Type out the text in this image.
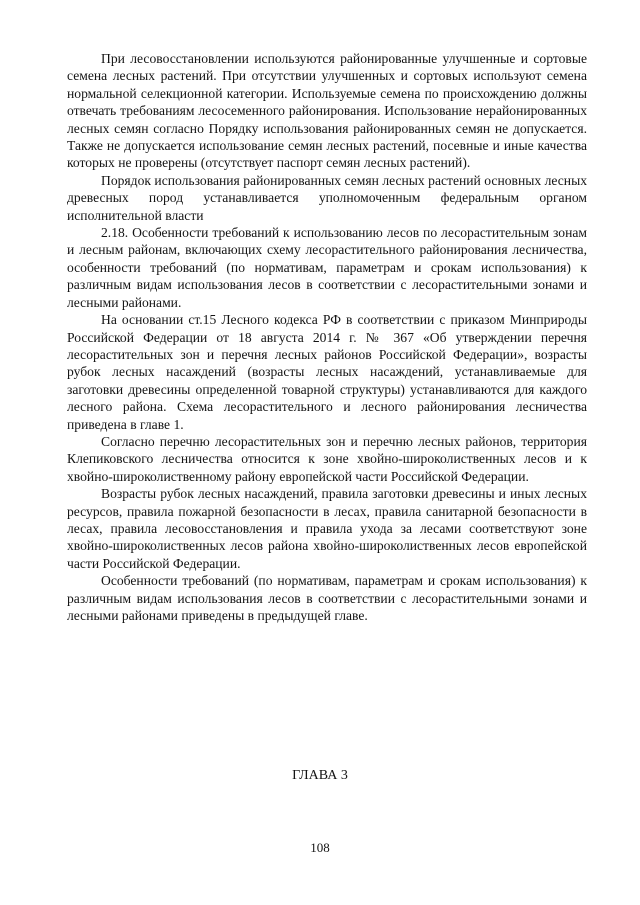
При лесовосстановлении используются районированные улучшенные и сортовые семена лесных растений. При отсутствии улучшенных и сортовых используют семена нормальной селекционной категории. Используемые семена по происхождению должны отвечать требованиям лесосеменного районирования. Использование нерайонированных лесных семян согласно Порядку использования районированных семян не допускается. Также не допускается использование семян лесных растений, посевные и иные качества которых не проверены (отсутствует паспорт семян лесных растений).

Порядок использования районированных семян лесных растений основных лесных древесных пород устанавливается уполномоченным федеральным органом исполнительной власти

2.18. Особенности требований к использованию лесов по лесорастительным зонам и лесным районам, включающих схему лесорастительного районирования лесничества, особенности требований (по нормативам, параметрам и срокам использования) к различным видам использования лесов в соответствии с лесорастительными зонами и лесными районами.

На основании ст.15 Лесного кодекса РФ в соответствии с приказом Минприроды Российской Федерации от 18 августа 2014 г. № 367 «Об утверждении перечня лесорастительных зон и перечня лесных районов Российской Федерации», возрасты рубок лесных насаждений (возрасты лесных насаждений, устанавливаемые для заготовки древесины определенной товарной структуры) устанавливаются для каждого лесного района. Схема лесорастительного и лесного районирования лесничества приведена в главе 1.

Согласно перечню лесорастительных зон и перечню лесных районов, территория Клепиковского лесничества относится к зоне хвойно-широколиственных лесов и к хвойно-широколиственному району европейской части Российской Федерации.

Возрасты рубок лесных насаждений, правила заготовки древесины и иных лесных ресурсов, правила пожарной безопасности в лесах, правила санитарной безопасности в лесах, правила лесовосстановления и правила ухода за лесами соответствуют зоне хвойно-широколиственных лесов района хвойно-широколиственных лесов европейской части Российской Федерации.

Особенности требований (по нормативам, параметрам и срокам использования) к различным видам использования лесов в соответствии с лесорастительными зонами и лесными районами приведены в предыдущей главе.

ГЛАВА 3
108
